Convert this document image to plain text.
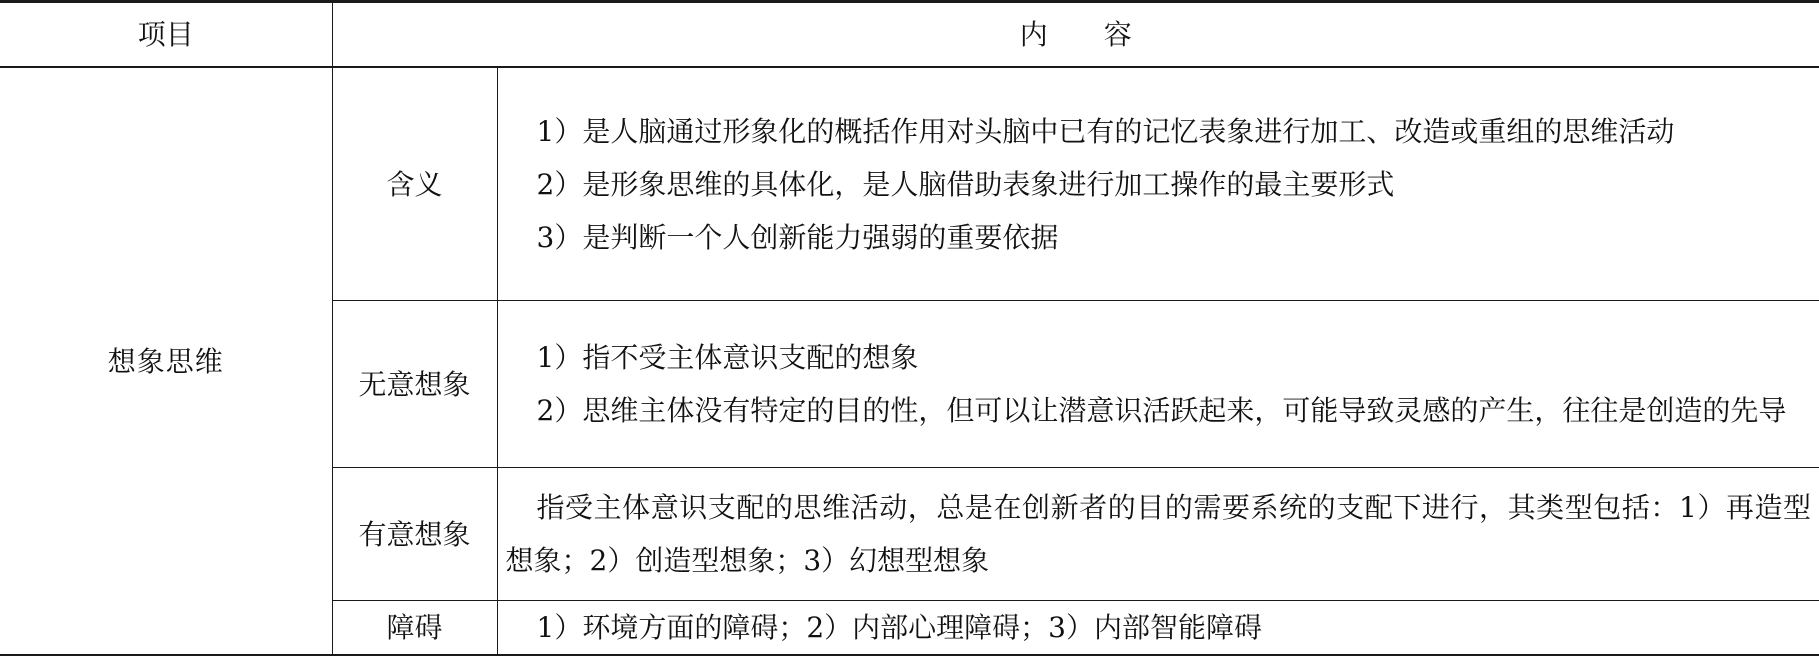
项目	内　　容	
想象思维	含义	1）是人脑通过形象化的概括作用对头脑中已有的记忆表象进行加工、改造或重组的思维活动
2）是形象思维的具体化，是人脑借助表象进行加工操作的最主要形式
3）是判断一个人创新能力强弱的重要依据

	无意想象	1）指不受主体意识支配的想象
2）思维主体没有特定的目的性，但可以让潜意识活跃起来，可能导致灵感的产生，往往是创造的先导

	有意想象	指受主体意识支配的思维活动，总是在创新者的目的需要系统的支配下进行，其类型包括：1）再造型想象；2）创造型想象；3）幻想型想象

	障碍	1）环境方面的障碍；2）内部心理障碍；3）内部智能障碍
